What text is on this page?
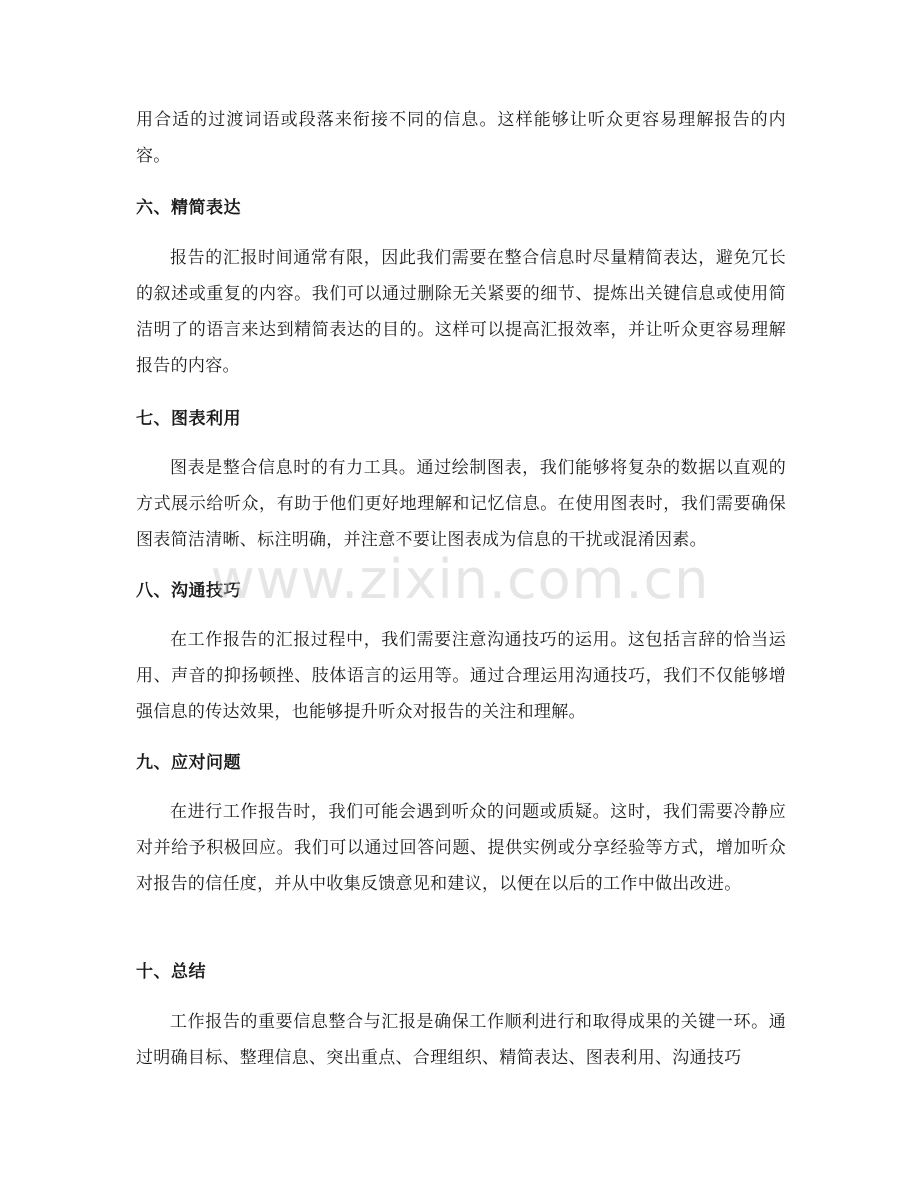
用合适的过渡词语或段落来衔接不同的信息。这样能够让听众更容易理解报告的内容。

六、精简表达

报告的汇报时间通常有限，因此我们需要在整合信息时尽量精简表达，避免冗长的叙述或重复的内容。我们可以通过删除无关紧要的细节、提炼出关键信息或使用简洁明了的语言来达到精简表达的目的。这样可以提高汇报效率，并让听众更容易理解报告的内容。

七、图表利用

图表是整合信息时的有力工具。通过绘制图表，我们能够将复杂的数据以直观的方式展示给听众，有助于他们更好地理解和记忆信息。在使用图表时，我们需要确保图表简洁清晰、标注明确，并注意不要让图表成为信息的干扰或混淆因素。

八、沟通技巧

在工作报告的汇报过程中，我们需要注意沟通技巧的运用。这包括言辞的恰当运用、声音的抑扬顿挫、肢体语言的运用等。通过合理运用沟通技巧，我们不仅能够增强信息的传达效果，也能够提升听众对报告的关注和理解。

九、应对问题

在进行工作报告时，我们可能会遇到听众的问题或质疑。这时，我们需要冷静应对并给予积极回应。我们可以通过回答问题、提供实例或分享经验等方式，增加听众对报告的信任度，并从中收集反馈意见和建议，以便在以后的工作中做出改进。

十、总结

工作报告的重要信息整合与汇报是确保工作顺利进行和取得成果的关键一环。通过明确目标、整理信息、突出重点、合理组织、精简表达、图表利用、沟通技巧

www.zixin.com.cn
